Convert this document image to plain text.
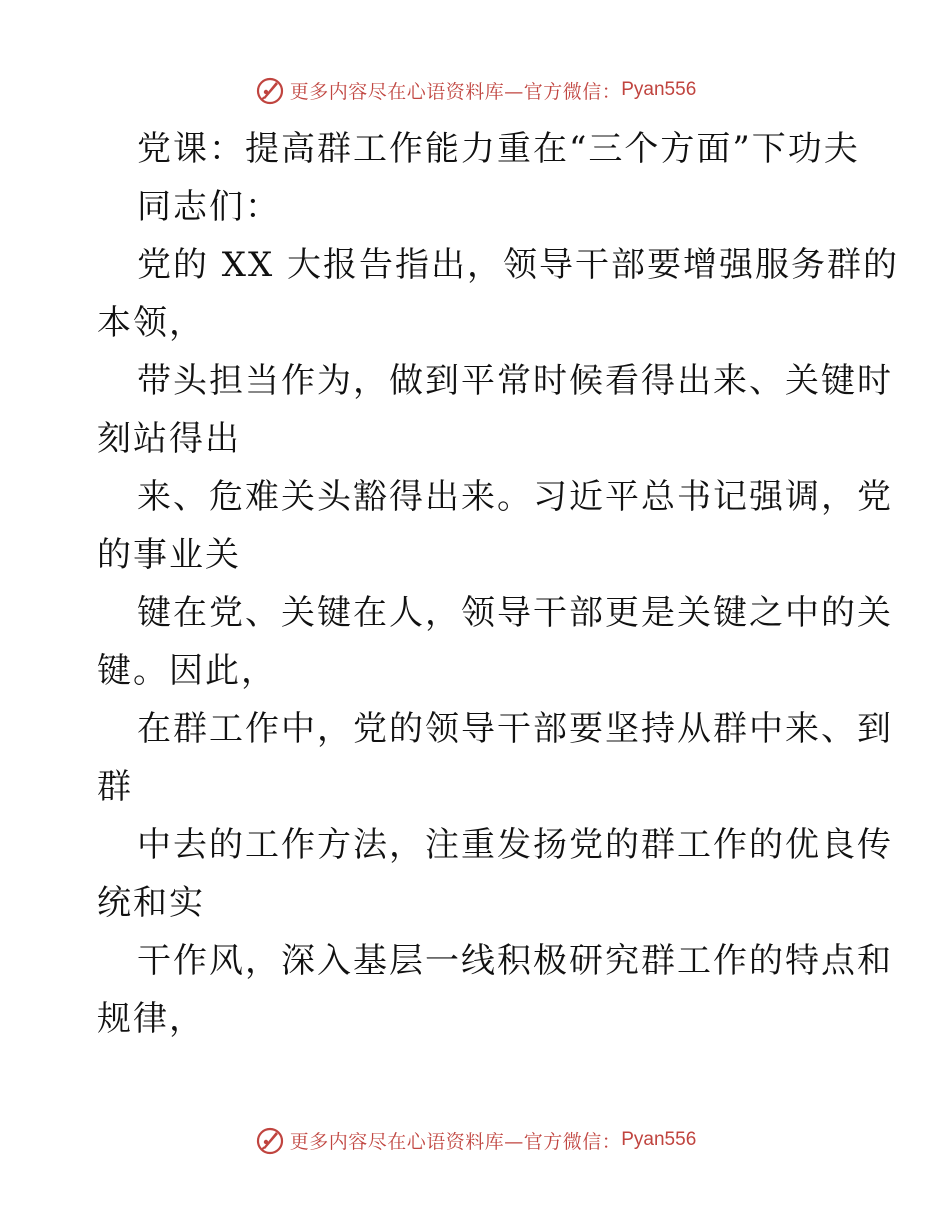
更多内容尽在心语资料库—官方微信： Pyan556
党课：提高群工作能力重在“三个方面”下功夫
同志们：
党的 XX 大报告指出，领导干部要增强服务群的
本领，
带头担当作为，做到平常时候看得出来、关键时
刻站得出
来、危难关头豁得出来。习近平总书记强调，党
的事业关
键在党、关键在人，领导干部更是关键之中的关
键。因此，
在群工作中，党的领导干部要坚持从群中来、到
群
中去的工作方法，注重发扬党的群工作的优良传
统和实
干作风，深入基层一线积极研究群工作的特点和
规律，
更多内容尽在心语资料库—官方微信： Pyan556
